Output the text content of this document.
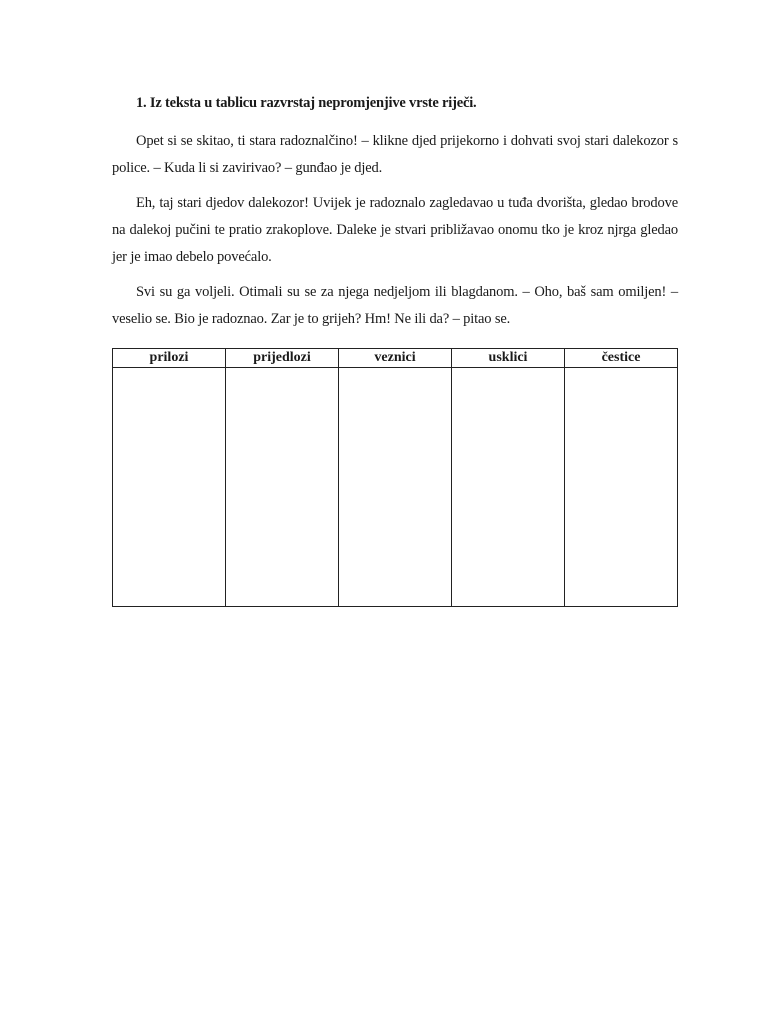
1. Iz teksta u tablicu razvrstaj nepromjenjive vrste riječi.

Opet si se skitao, ti stara radoznalčino! – klikne djed prijekorno i dohvati svoj stari dalekozor s police. – Kuda li si zavirivao? – gunđao je djed.

Eh, taj stari djedov dalekozor! Uvijek je radoznalo zagledavao u tuđa dvorišta, gledao brodove na dalekoj pučini te pratio zrakoplove. Daleke je stvari približavao onomu tko je kroz njrga gledao jer je imao debelo povećalo.

Svi su ga voljeli. Otimali su se za njega nedjeljom ili blagdanom. – Oho, baš sam omiljen! – veselio se. Bio je radoznao. Zar je to grijeh? Hm! Ne ili da? – pitao se.

prilozi	prijedlozi	veznici	usklici	čestice
